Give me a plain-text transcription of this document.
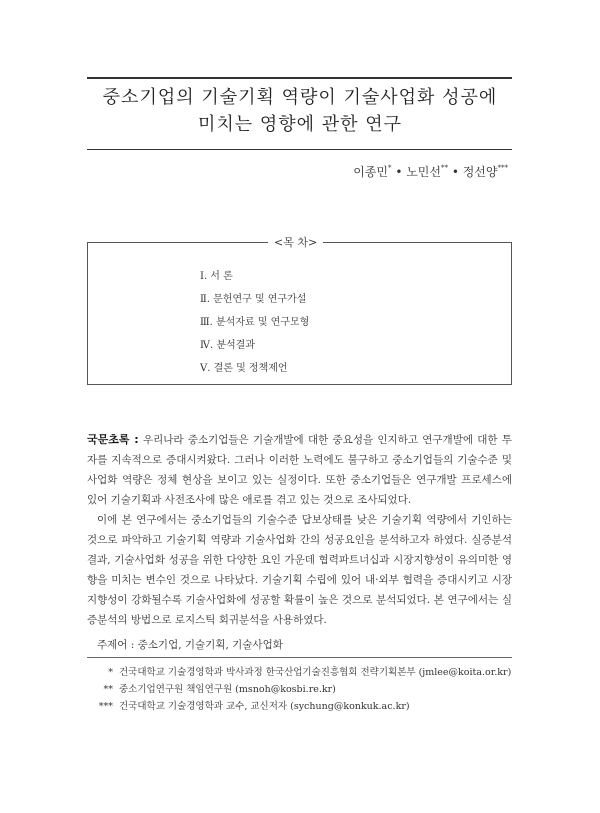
중소기업의 기술기획 역량이 기술사업화 성공에
미치는 영향에 관한 연구
이종민* • 노민선** • 정선양***
<목 차>
Ⅰ. 서 론
Ⅱ. 문헌연구 및 연구가설
Ⅲ. 분석자료 및 연구모형
Ⅳ. 분석결과
Ⅴ. 결론 및 정책제언

국문초록 : 우리나라 중소기업들은 기술개발에 대한 중요성을 인지하고 연구개발에 대한 투자를 지속적으로 증대시켜왔다. 그러나 이러한 노력에도 불구하고 중소기업들의 기술수준 및 사업화 역량은 정체 현상을 보이고 있는 실정이다. 또한 중소기업들은 연구개발 프로세스에 있어 기술기획과 사전조사에 많은 애로를 겪고 있는 것으로 조사되었다.

이에 본 연구에서는 중소기업들의 기술수준 답보상태를 낮은 기술기획 역량에서 기인하는 것으로 파악하고 기술기획 역량과 기술사업화 간의 성공요인을 분석하고자 하였다. 실증분석 결과, 기술사업화 성공을 위한 다양한 요인 가운데 협력파트너십과 시장지향성이 유의미한 영향을 미치는 변수인 것으로 나타났다. 기술기획 수립에 있어 내·외부 협력을 증대시키고 시장지향성이 강화될수록 기술사업화에 성공할 확률이 높은 것으로 분석되었다. 본 연구에서는 실증분석의 방법으로 로지스틱 회귀분석을 사용하였다.

주제어 : 중소기업, 기술기획, 기술사업화
* 건국대학교 기술경영학과 박사과정 한국산업기술진흥협회 전략기획본부 (jmlee@koita.or.kr)
** 중소기업연구원 책임연구원 (msnoh@kosbi.re.kr)
*** 건국대학교 기술경영학과 교수, 교신저자 (sychung@konkuk.ac.kr)
